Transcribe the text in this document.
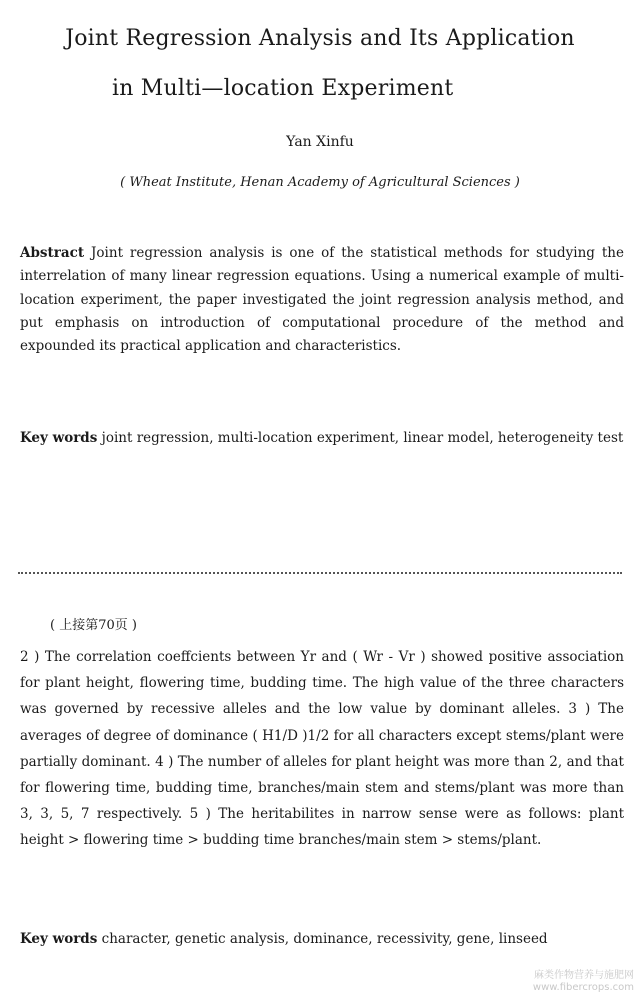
Joint Regression Analysis and Its Application
in Multi—location Experiment
Yan Xinfu
( Wheat Institute, Henan Academy of Agricultural Sciences )

Abstract Joint regression analysis is one of the statistical methods for studying the interrelation of many linear regression equations. Using a numerical example of multi-location experiment, the paper investigated the joint regression analysis method, and put emphasis on introduction of computational procedure of the method and expounded its practical application and characteristics.

Key words joint regression, multi-location experiment, linear model, heterogeneity test

( 上接第70页 )

2 ) The correlation coeffcients between Yr and ( Wr - Vr ) showed positive association for plant height, flowering time, budding time. The high value of the three characters was governed by recessive alleles and the low value by dominant alleles. 3 ) The averages of degree of dominance ( H1/D )1/2 for all characters except stems/plant were partially dominant. 4 ) The number of alleles for plant height was more than 2, and that for flowering time, budding time, branches/main stem and stems/plant was more than 3, 3, 5, 7 respectively. 5 ) The heritabilites in narrow sense were as follows: plant height > flowering time > budding time branches/main stem > stems/plant.

Key words character, genetic analysis, dominance, recessivity, gene, linseed

麻类作物营养与施肥网
www.fibercrops.com
